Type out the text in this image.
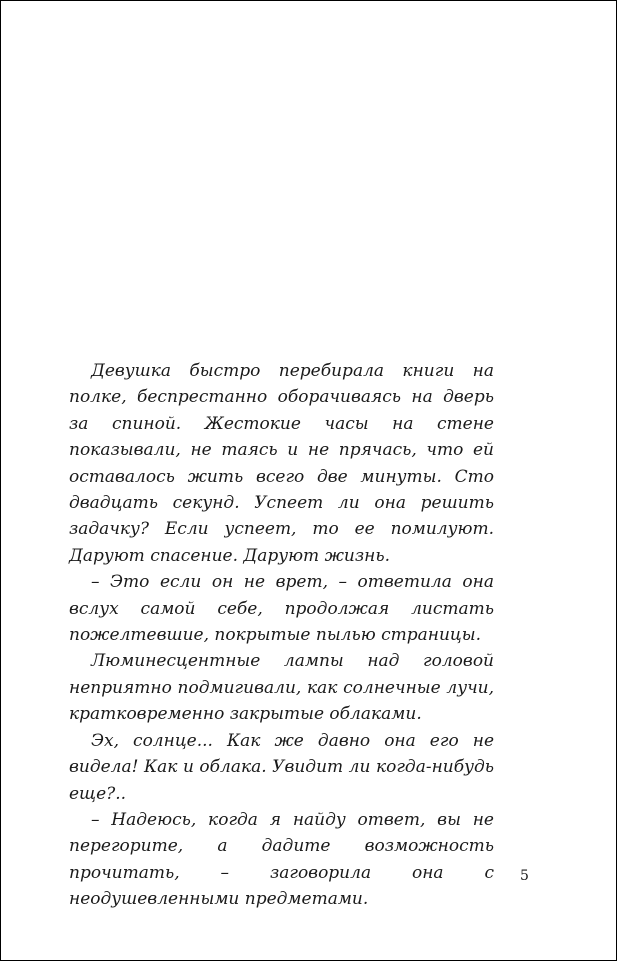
Девушка быстро перебирала книги на полке, беспрестанно оборачиваясь на дверь за спиной. Жестокие часы на стене показывали, не таясь и не прячась, что ей оставалось жить всего две минуты. Сто двадцать секунд. Успеет ли она решить задачку? Если успеет, то ее помилуют. Даруют спасение. Даруют жизнь.

– Это если он не врет, – ответила она вслух самой себе, продолжая листать пожелтевшие, покрытые пылью страницы.

Люминесцентные лампы над головой неприятно подмигивали, как солнечные лучи, кратковременно закрытые облаками.

Эх, солнце... Как же давно она его не видела! Как и облака. Увидит ли когда-нибудь еще?..

– Надеюсь, когда я найду ответ, вы не перегорите, а дадите возможность прочитать, – заговорила она с неодушевленными предметами.

5
